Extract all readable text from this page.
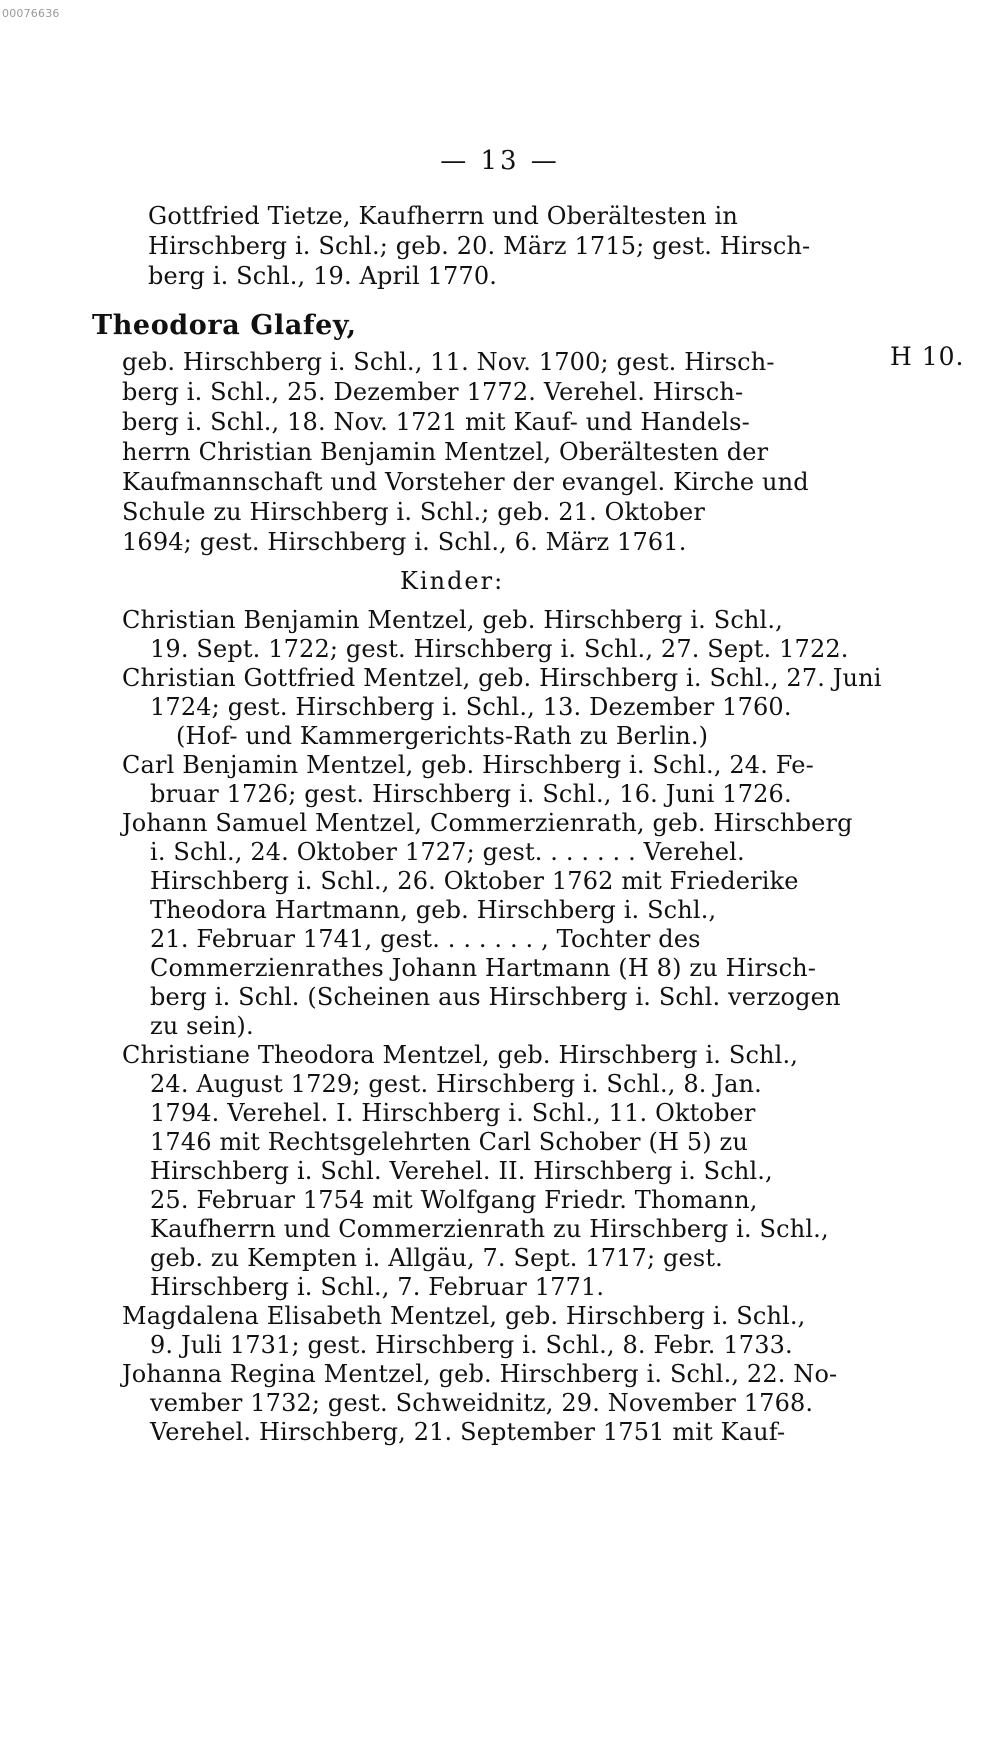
00076636
— 13 —
H 10.
Gottfried Tietze, Kaufherrn und Oberältesten in
Hirschberg i. Schl.; geb. 20. März 1715; gest. Hirsch-
berg i. Schl., 19. April 1770.
Theodora Glafey,
geb. Hirschberg i. Schl., 11. Nov. 1700; gest. Hirsch-
berg i. Schl., 25. Dezember 1772. Verehel. Hirsch-
berg i. Schl., 18. Nov. 1721 mit Kauf- und Handels-
herrn Christian Benjamin Mentzel, Oberältesten der
Kaufmannschaft und Vorsteher der evangel. Kirche und
Schule zu Hirschberg i. Schl.; geb. 21. Oktober
1694; gest. Hirschberg i. Schl., 6. März 1761.
Kinder:
Christian Benjamin Mentzel, geb. Hirschberg i. Schl.,
19. Sept. 1722; gest. Hirschberg i. Schl., 27. Sept. 1722.
Christian Gottfried Mentzel, geb. Hirschberg i. Schl., 27. Juni
1724; gest. Hirschberg i. Schl., 13. Dezember 1760.
(Hof- und Kammergerichts-Rath zu Berlin.)
Carl Benjamin Mentzel, geb. Hirschberg i. Schl., 24. Fe-
bruar 1726; gest. Hirschberg i. Schl., 16. Juni 1726.
Johann Samuel Mentzel, Commerzienrath, geb. Hirschberg
i. Schl., 24. Oktober 1727; gest. . . . . . . Verehel.
Hirschberg i. Schl., 26. Oktober 1762 mit Friederike
Theodora Hartmann, geb. Hirschberg i. Schl.,
21. Februar 1741, gest. . . . . . . , Tochter des
Commerzienrathes Johann Hartmann (H 8) zu Hirsch-
berg i. Schl. (Scheinen aus Hirschberg i. Schl. verzogen
zu sein).
Christiane Theodora Mentzel, geb. Hirschberg i. Schl.,
24. August 1729; gest. Hirschberg i. Schl., 8. Jan.
1794. Verehel. I. Hirschberg i. Schl., 11. Oktober
1746 mit Rechtsgelehrten Carl Schober (H 5) zu
Hirschberg i. Schl. Verehel. II. Hirschberg i. Schl.,
25. Februar 1754 mit Wolfgang Friedr. Thomann,
Kaufherrn und Commerzienrath zu Hirschberg i. Schl.,
geb. zu Kempten i. Allgäu, 7. Sept. 1717; gest.
Hirschberg i. Schl., 7. Februar 1771.
Magdalena Elisabeth Mentzel, geb. Hirschberg i. Schl.,
9. Juli 1731; gest. Hirschberg i. Schl., 8. Febr. 1733.
Johanna Regina Mentzel, geb. Hirschberg i. Schl., 22. No-
vember 1732; gest. Schweidnitz, 29. November 1768.
Verehel. Hirschberg, 21. September 1751 mit Kauf-
